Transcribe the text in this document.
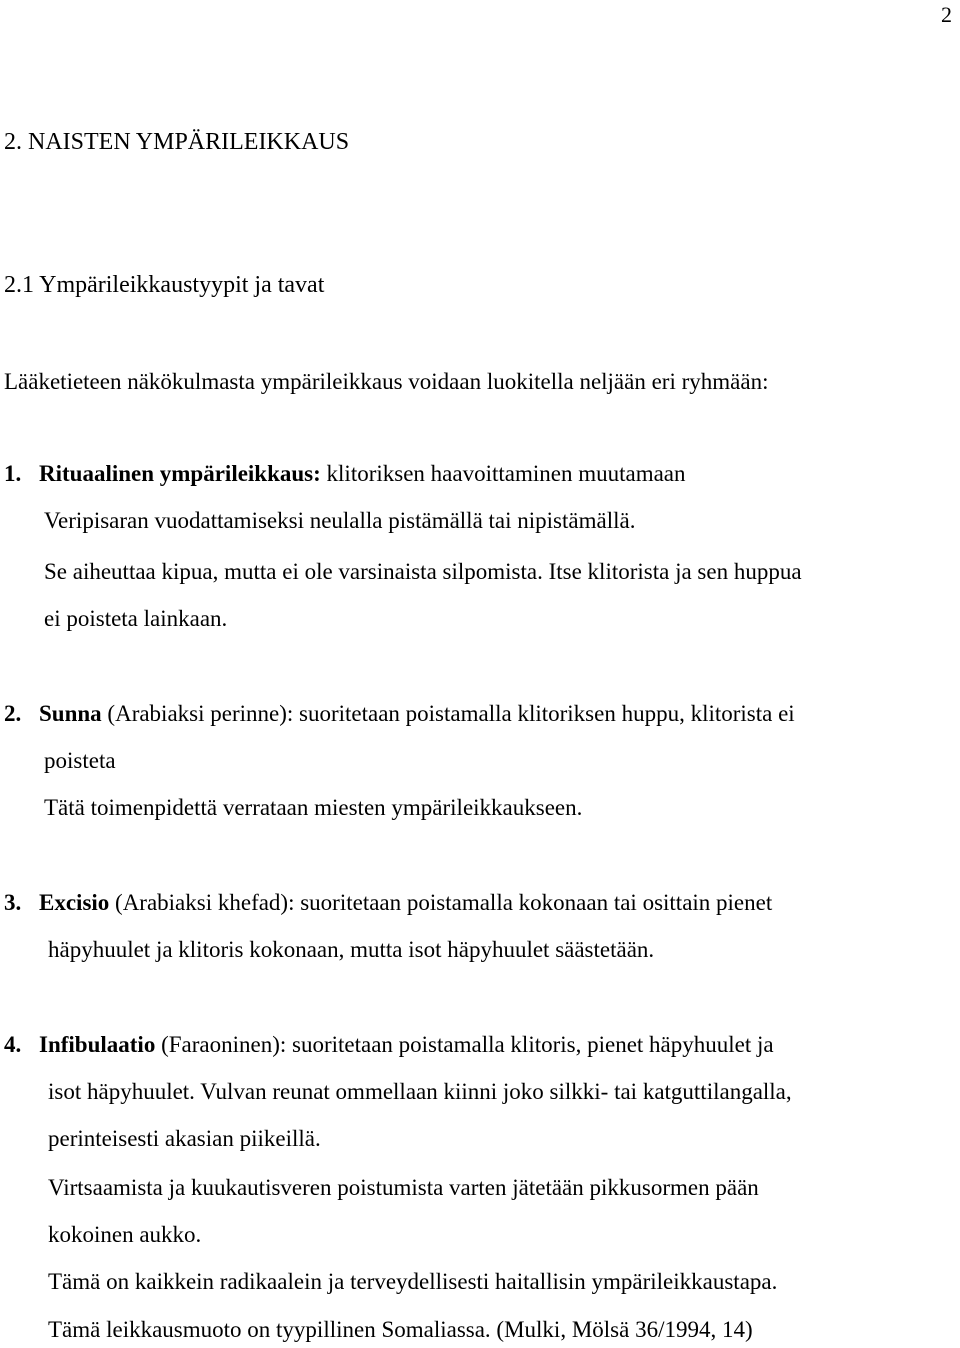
2
2. NAISTEN YMPÄRILEIKKAUS
2.1 Ympärileikkaustyypit ja tavat
Lääketieteen näkökulmasta ympärileikkaus voidaan luokitella neljään eri ryhmään:
1. Rituaalinen ympärileikkaus: klitoriksen haavoittaminen muutamaan
Veripisaran vuodattamiseksi neulalla pistämällä tai nipistämällä.
Se aiheuttaa kipua, mutta ei ole varsinaista silpomista. Itse klitorista ja sen huppua
ei poisteta lainkaan.
2. Sunna (Arabiaksi perinne): suoritetaan poistamalla klitoriksen huppu, klitorista ei
poisteta
Tätä toimenpidettä verrataan miesten ympärileikkaukseen.
3. Excisio (Arabiaksi khefad): suoritetaan poistamalla kokonaan tai osittain pienet
häpyhuulet ja klitoris kokonaan, mutta isot häpyhuulet säästetään.
4. Infibulaatio (Faraoninen): suoritetaan poistamalla klitoris, pienet häpyhuulet ja
isot häpyhuulet. Vulvan reunat ommellaan kiinni joko silkki- tai katguttilangalla,
perinteisesti akasian piikeillä.
Virtsaamista ja kuukautisveren poistumista varten jätetään pikkusormen pään
kokoinen aukko.
Tämä on kaikkein radikaalein ja terveydellisesti haitallisin ympärileikkaustapa.
Tämä leikkausmuoto on tyypillinen Somaliassa. (Mulki, Mölsä 36/1994, 14)
